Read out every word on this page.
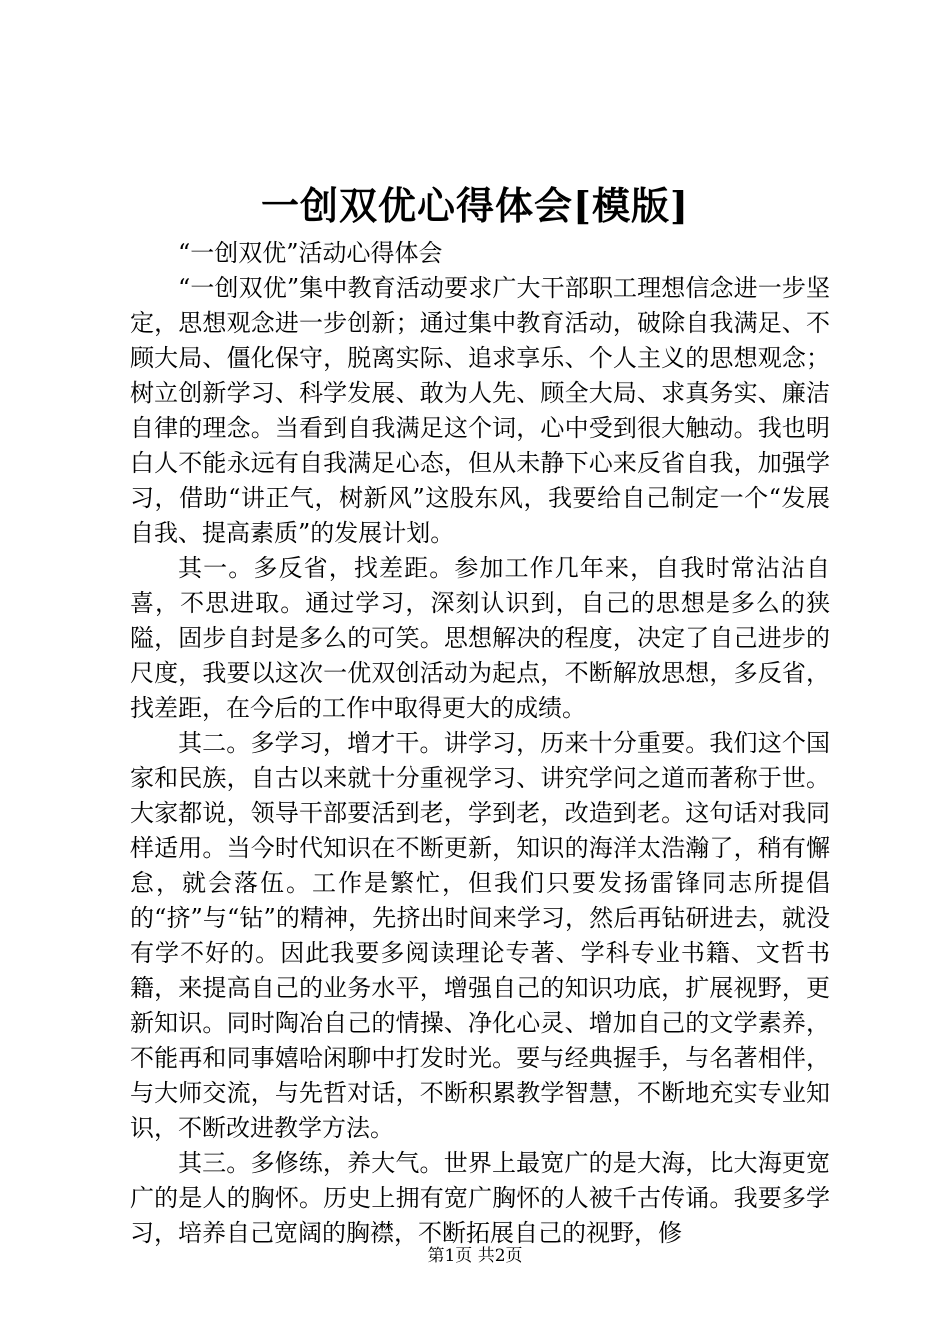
一创双优心得体会[模版]

“一创双优”活动心得体会

“一创双优”集中教育活动要求广大干部职工理想信念进一步坚定，思想观念进一步创新；通过集中教育活动，破除自我满足、不顾大局、僵化保守，脱离实际、追求享乐、个人主义的思想观念；树立创新学习、科学发展、敢为人先、顾全大局、求真务实、廉洁自律的理念。当看到自我满足这个词，心中受到很大触动。我也明白人不能永远有自我满足心态，但从未静下心来反省自我，加强学习，借助“讲正气，树新风”这股东风，我要给自己制定一个“发展自我、提高素质”的发展计划。

其一。多反省，找差距。参加工作几年来，自我时常沾沾自喜，不思进取。通过学习，深刻认识到，自己的思想是多么的狭隘，固步自封是多么的可笑。思想解决的程度，决定了自己进步的尺度，我要以这次一优双创活动为起点，不断解放思想，多反省，找差距，在今后的工作中取得更大的成绩。

其二。多学习，增才干。讲学习，历来十分重要。我们这个国家和民族，自古以来就十分重视学习、讲究学问之道而著称于世。大家都说，领导干部要活到老，学到老，改造到老。这句话对我同样适用。当今时代知识在不断更新，知识的海洋太浩瀚了，稍有懈怠，就会落伍。工作是繁忙，但我们只要发扬雷锋同志所提倡的“挤”与“钻”的精神，先挤出时间来学习，然后再钻研进去，就没有学不好的。因此我要多阅读理论专著、学科专业书籍、文哲书籍，来提高自己的业务水平，增强自己的知识功底，扩展视野，更新知识。同时陶冶自己的情操、净化心灵、增加自己的文学素养，不能再和同事嬉哈闲聊中打发时光。要与经典握手，与名著相伴，与大师交流，与先哲对话，不断积累教学智慧，不断地充实专业知识，不断改进教学方法。

其三。多修练，养大气。世界上最宽广的是大海，比大海更宽广的是人的胸怀。历史上拥有宽广胸怀的人被千古传诵。我要多学习，培养自己宽阔的胸襟，不断拓展自己的视野，修

第1页 共2页
